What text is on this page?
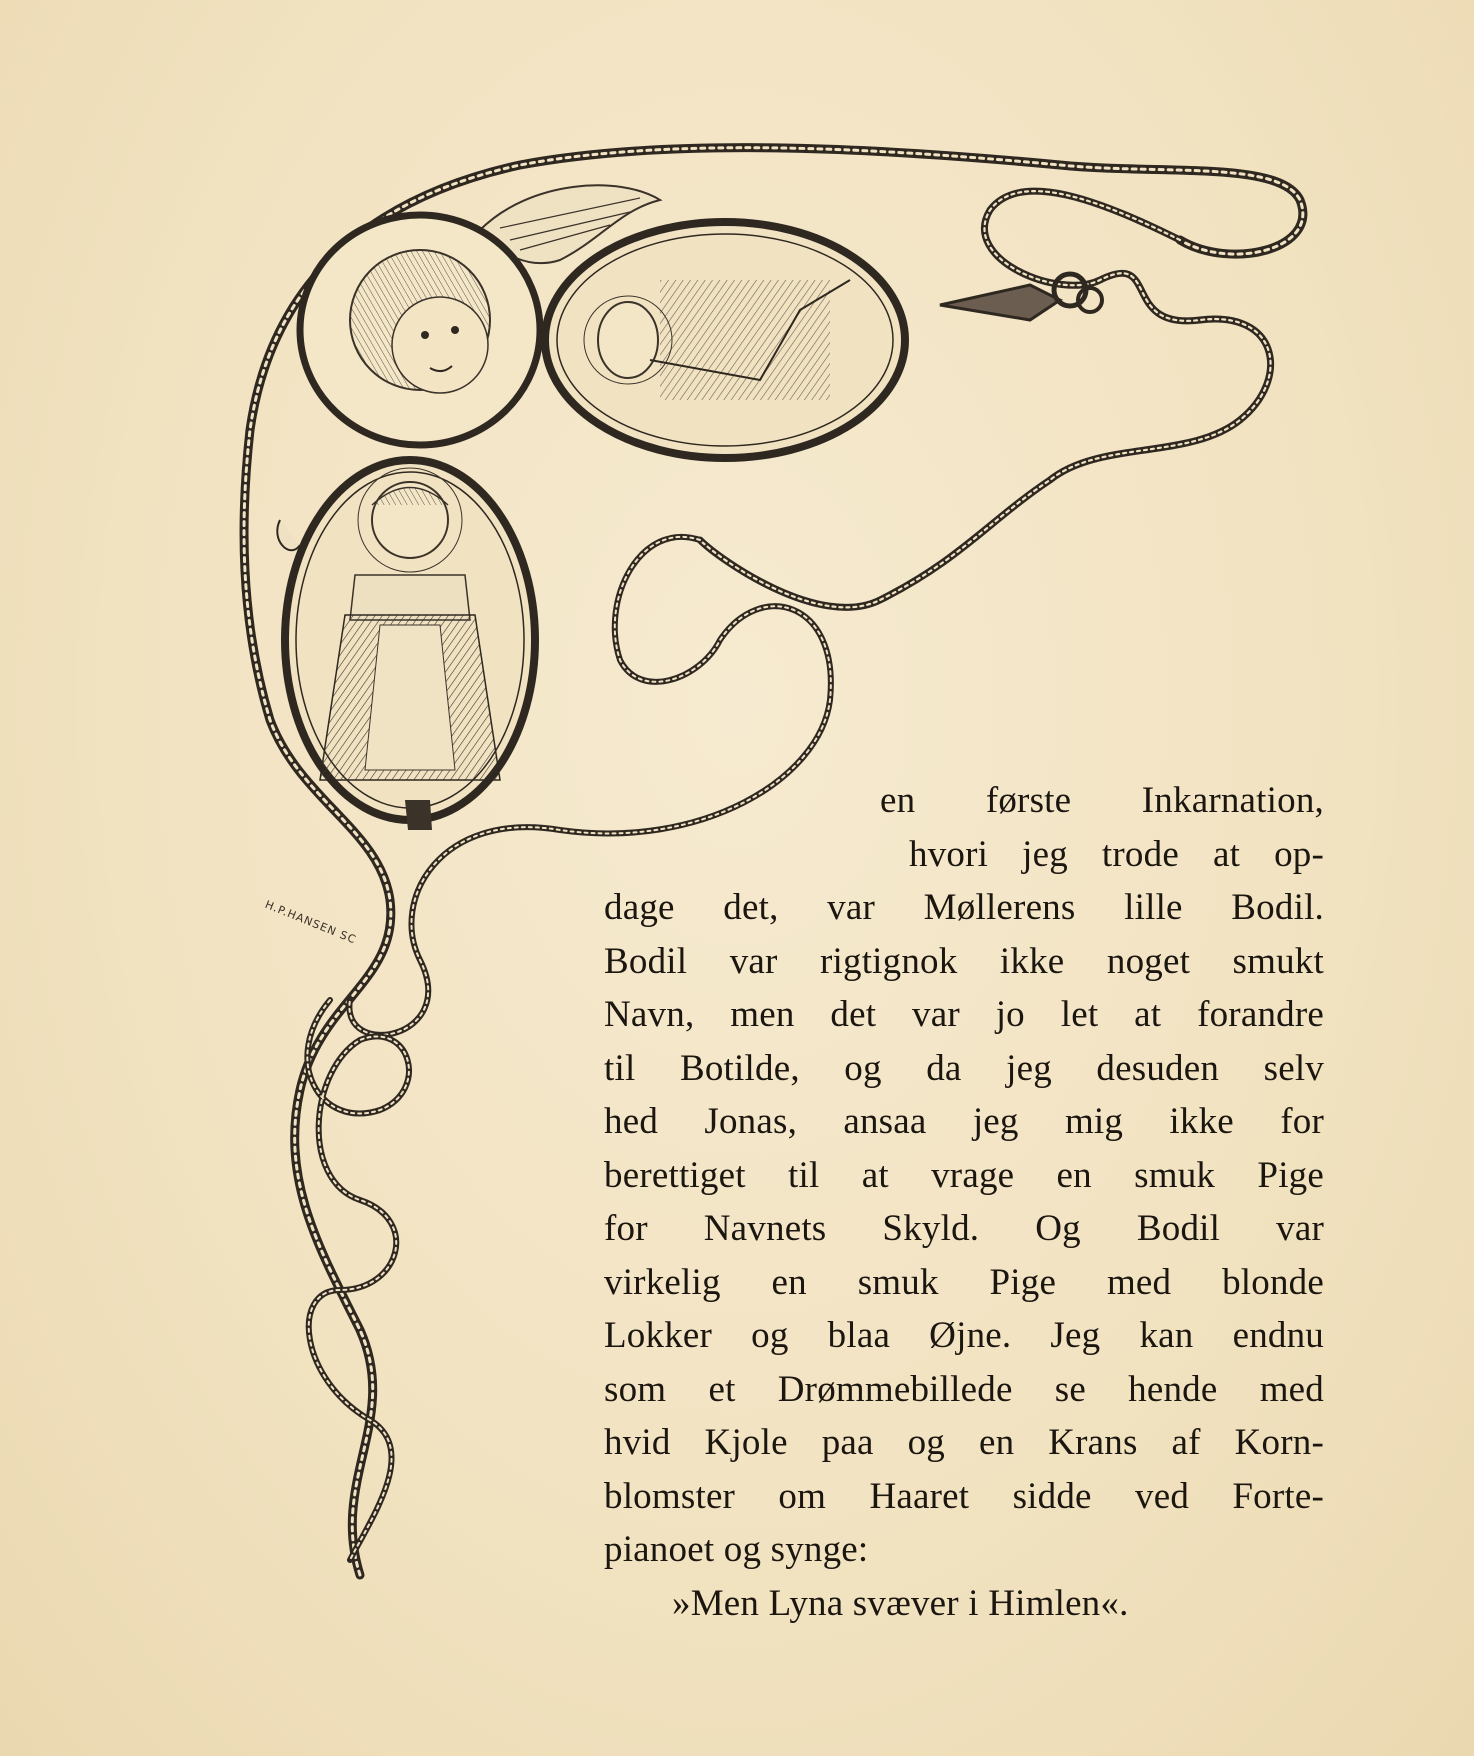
H.P.HANSEN SC
en første Inkarnation,
hvori jeg trode at op-
dage det, var Møllerens lille Bodil.
Bodil var rigtignok ikke noget smukt
Navn, men det var jo let at forandre
til Botilde, og da jeg desuden selv
hed Jonas, ansaa jeg mig ikke for
berettiget til at vrage en smuk Pige
for Navnets Skyld. Og Bodil var
virkelig en smuk Pige med blonde
Lokker og blaa Øjne. Jeg kan endnu
som et Drømmebillede se hende med
hvid Kjole paa og en Krans af Korn-
blomster om Haaret sidde ved Forte-
pianoet og synge:
»Men Lyna svæver i Himlen«.
